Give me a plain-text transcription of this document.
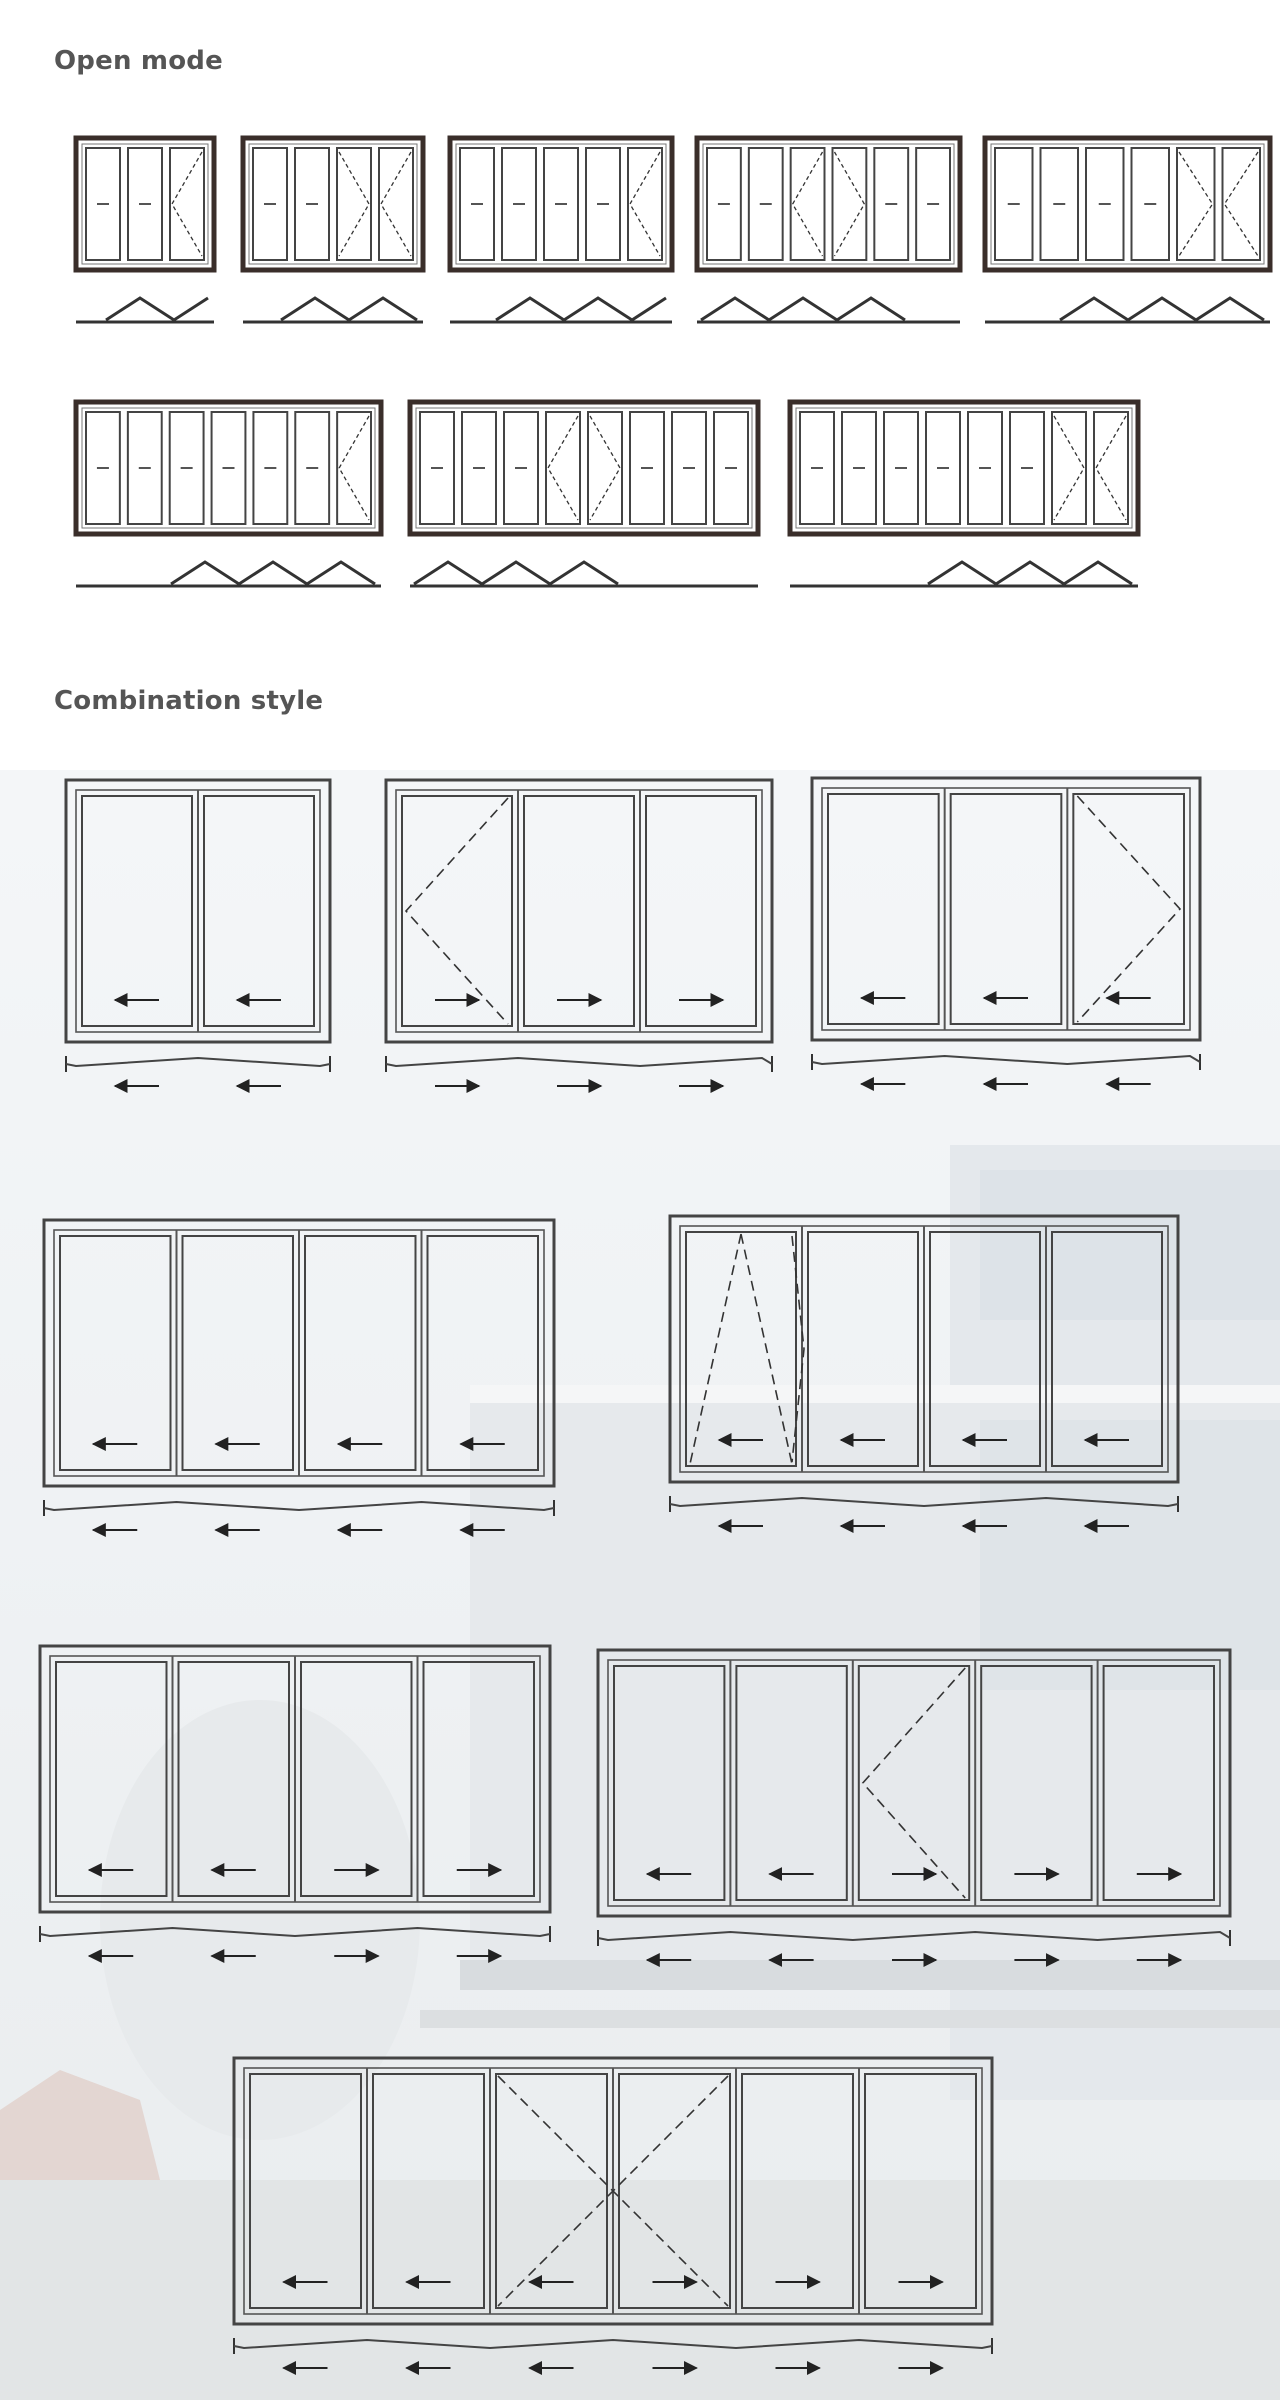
Open mode
Combination style
